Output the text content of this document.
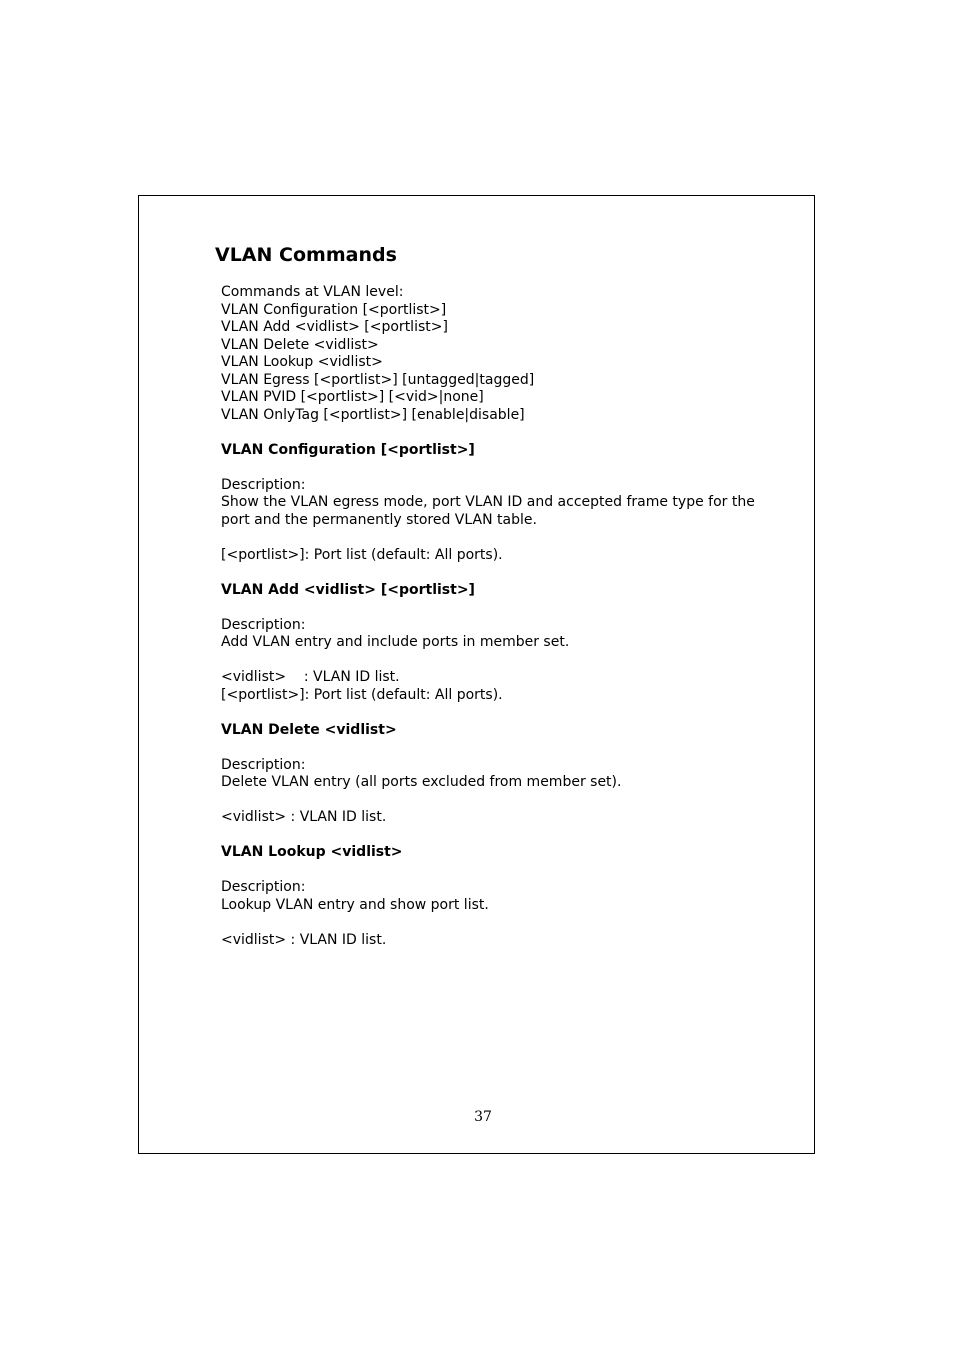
VLAN Commands
Commands at VLAN level:
VLAN Configuration [<portlist>]
VLAN Add <vidlist> [<portlist>]
VLAN Delete <vidlist>
VLAN Lookup <vidlist>
VLAN Egress [<portlist>] [untagged|tagged]
VLAN PVID [<portlist>] [<vid>|none]
VLAN OnlyTag [<portlist>] [enable|disable]
VLAN Configuration [<portlist>]
Description:
Show the VLAN egress mode, port VLAN ID and accepted frame type for the
port and the permanently stored VLAN table.
[<portlist>]: Port list (default: All ports).
VLAN Add <vidlist> [<portlist>]
Description:
Add VLAN entry and include ports in member set.
<vidlist>    : VLAN ID list.
[<portlist>]: Port list (default: All ports).
VLAN Delete <vidlist>
Description:
Delete VLAN entry (all ports excluded from member set).
<vidlist> : VLAN ID list.
VLAN Lookup <vidlist>
Description:
Lookup VLAN entry and show port list.
<vidlist> : VLAN ID list.
37
